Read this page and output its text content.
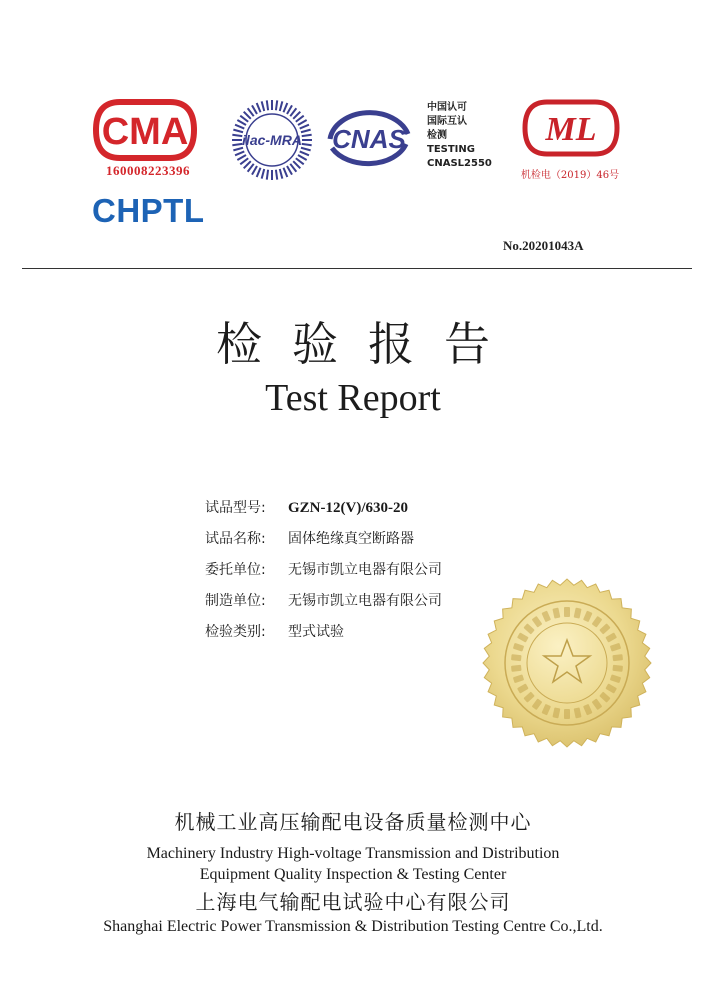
CMA
160008223396
CHPTL
ilac-MRA CNAS
中国认可
国际互认
检测
TESTING
CNASL2550
ML
机检电（2019）46号
No.20201043A
检验报告
Test Report
试品型号: GZN-12(V)/630-20
试品名称: 固体绝缘真空断路器
委托单位: 无锡市凯立电器有限公司
制造单位: 无锡市凯立电器有限公司
检验类别: 型式试验
机械工业高压输配电设备质量检测中心
Machinery Industry High-voltage Transmission and Distribution
Equipment Quality Inspection & Testing Center
上海电气输配电试验中心有限公司
Shanghai Electric Power Transmission & Distribution Testing Centre Co.,Ltd.
